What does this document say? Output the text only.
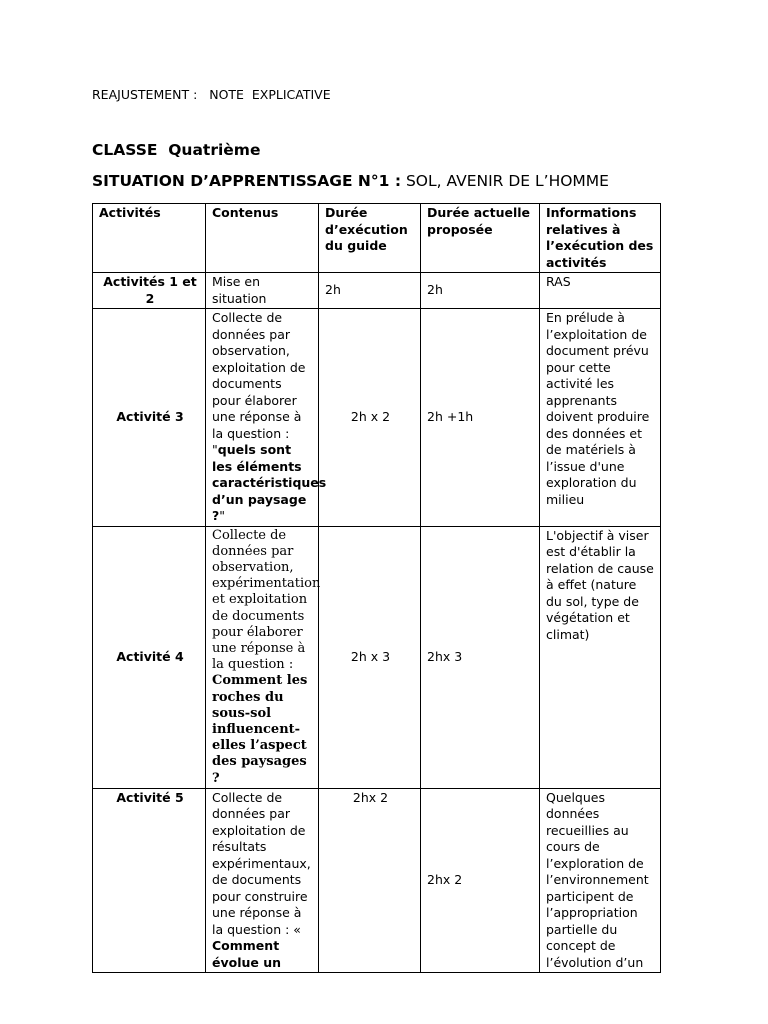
REAJUSTEMENT :   NOTE  EXPLICATIVE
CLASSE  Quatrième
SITUATION D’APPRENTISSAGE N°1 : SOL, AVENIR DE L’HOMME
Activités	Contenus	Durée d’exécution du guide	Durée actuelle proposée	Informations relatives à l’exécution des activités
Activités 1 et 2	Mise en situation	2h	2h	RAS
Activité 3	Collecte de données par observation, exploitation de documents pour élaborer une réponse à la question : "quels sont les éléments caractéristiques d’un paysage ?"	2h x 2	2h +1h	En prélude à l’exploitation de document prévu pour cette activité les apprenants doivent produire des données et de matériels à l’issue d'une exploration du milieu
Activité 4	Collecte de données par observation, expérimentation et exploitation de documents pour élaborer une réponse à la question : Comment les roches du sous-sol influencent-elles l’aspect des paysages ?	2h x 3	2hx 3	L'objectif à viser est d'établir la relation de cause à effet (nature du sol, type de végétation et climat)
Activité 5	Collecte de données par exploitation de résultats expérimentaux, de documents pour construire une réponse à la question : « Comment évolue un	2hx 2	2hx 2	Quelques données recueillies au cours de l’exploration de l’environnement participent de l’appropriation partielle du concept de l’évolution d’un
